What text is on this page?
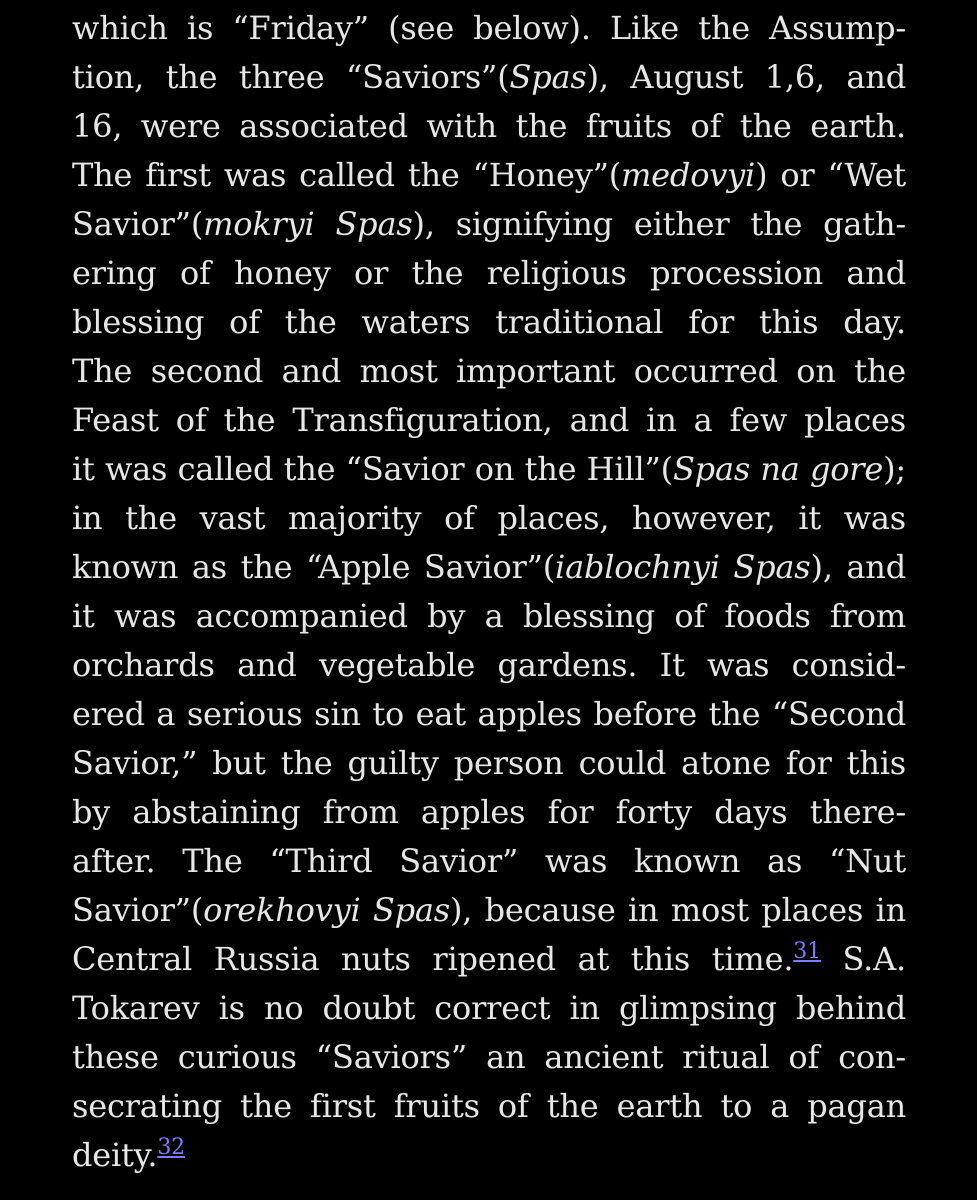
which is “Friday” (see below). Like the Assump-
tion, the three “Saviors”(Spas), August 1,6, and
16, were associated with the fruits of the earth.
The first was called the “Honey”(medovyi) or “Wet
Savior”(mokryi Spas), signifying either the gath-
ering of honey or the religious procession and
blessing of the waters traditional for this day.
The second and most important occurred on the
Feast of the Transfiguration, and in a few places
it was called the “Savior on the Hill”(Spas na gore);
in the vast majority of places, however, it was
known as the “Apple Savior”(iablochnyi Spas), and
it was accompanied by a blessing of foods from
orchards and vegetable gardens. It was consid-
ered a serious sin to eat apples before the “Second
Savior,” but the guilty person could atone for this
by abstaining from apples for forty days there-
after. The “Third Savior” was known as “Nut
Savior”(orekhovyi Spas), because in most places in
Central Russia nuts ripened at this time.$^{31}$ S.A.
Tokarev is no doubt correct in glimpsing behind
these curious “Saviors” an ancient ritual of con-
secrating the first fruits of the earth to a pagan
deity.$^{32}$
